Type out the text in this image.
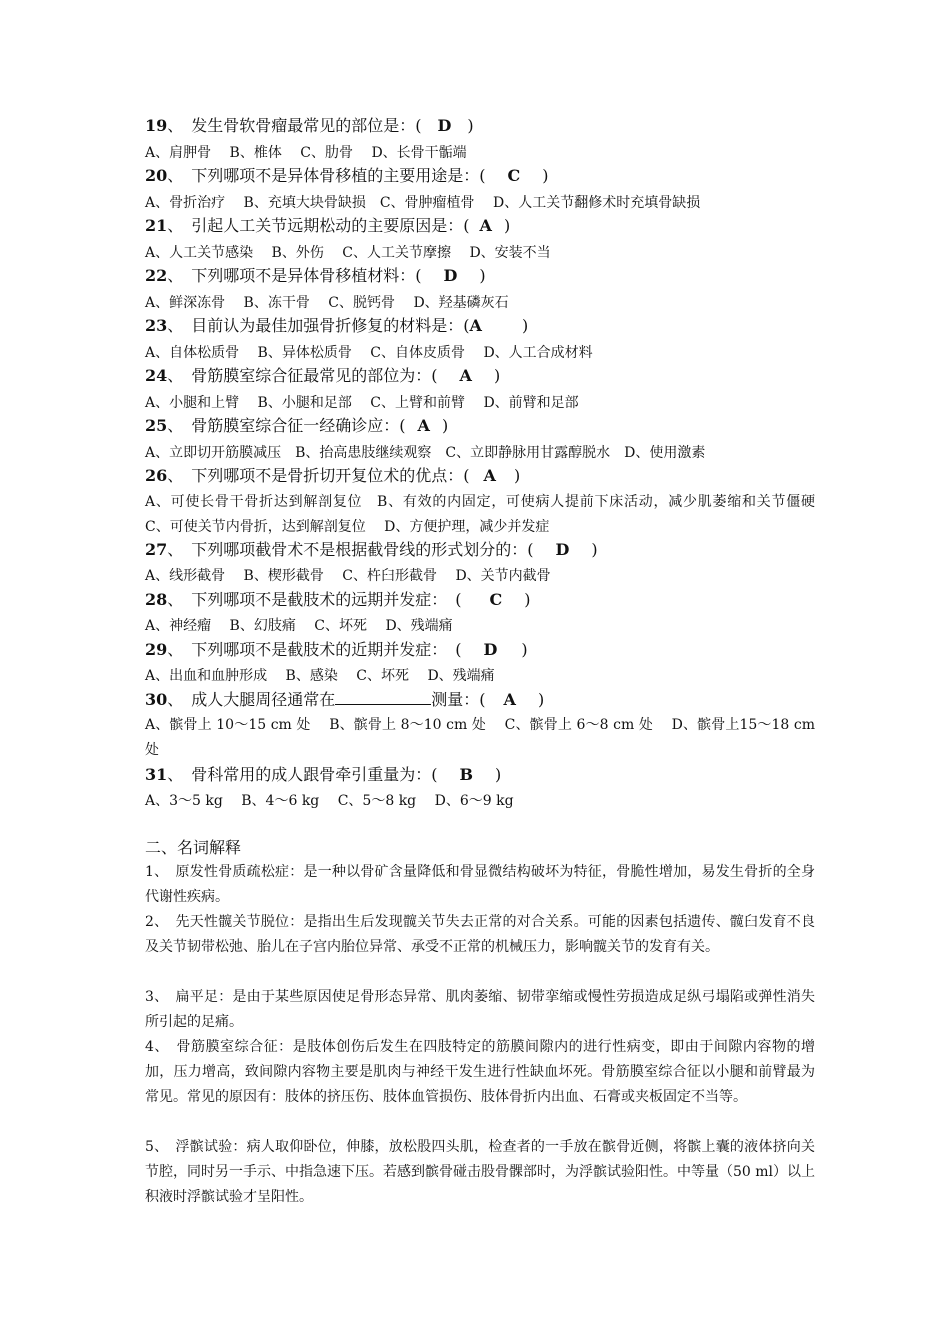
19、　发生骨软骨瘤最常见的部位是：( D )
A、肩胛骨　 B、椎体　 C、肋骨　 D、长骨干骺端
20、　下列哪项不是异体骨移植的主要用途是：( C )
A、骨折治疗　 B、充填大块骨缺损　C、骨肿瘤植骨　 D、人工关节翻修术时充填骨缺损
21、　引起人工关节远期松动的主要原因是：( A )
A、人工关节感染　 B、外伤　 C、人工关节摩擦　 D、安装不当
22、　下列哪项不是异体骨移植材料：( D )
A、鲜深冻骨　 B、冻干骨　 C、脱钙骨　 D、羟基磷灰石
23、　目前认为最佳加强骨折修复的材料是：(A	)
A、自体松质骨　 B、异体松质骨　 C、自体皮质骨　 D、人工合成材料
24、　骨筋膜室综合征最常见的部位为：( A )
A、小腿和上臂　 B、小腿和足部　 C、上臂和前臂　 D、前臂和足部
25、　骨筋膜室综合征一经确诊应：( A )
A、立即切开筋膜减压　B、抬高患肢继续观察　C、立即静脉用甘露醇脱水　D、使用激素
26、　下列哪项不是骨折切开复位术的优点：( A )
A、可使长骨干骨折达到解剖复位　B、有效的内固定，可使病人提前下床活动，减少肌萎缩和关节僵硬　C、可使关节内骨折，达到解剖复位　 D、方便护理，减少并发症
27、　下列哪项截骨术不是根据截骨线的形式划分的：( D )
A、线形截骨　 B、楔形截骨　 C、杵臼形截骨　 D、关节内截骨
28、　下列哪项不是截肢术的远期并发症：　( C )
A、神经瘤　 B、幻肢痛　 C、坏死　 D、残端痛
29、　下列哪项不是截肢术的近期并发症：　( D )
A、出血和血肿形成　 B、感染　 C、坏死　 D、残端痛
30、　成人大腿周径通常在	测量：( A )
A、髌骨上 10～15 cm 处　 B、髌骨上 8～10 cm 处　 C、髌骨上 6～8 cm 处　 D、髌骨上15～18 cm 处
31、　骨科常用的成人跟骨牵引重量为：( B )
A、3～5 kg　 B、4～6 kg　 C、5～8 kg　 D、6～9 kg
二、名词解释
1、　原发性骨质疏松症：是一种以骨矿含量降低和骨显微结构破坏为特征，骨脆性增加，易发生骨折的全身代谢性疾病。
2、　先天性髋关节脱位：是指出生后发现髋关节失去正常的对合关系。可能的因素包括遗传、髋臼发育不良及关节韧带松弛、胎儿在子宫内胎位异常、承受不正常的机械压力，影响髋关节的发育有关。
3、　扁平足：是由于某些原因使足骨形态异常、肌肉萎缩、韧带挛缩或慢性劳损造成足纵弓塌陷或弹性消失所引起的足痛。
4、　骨筋膜室综合征：是肢体创伤后发生在四肢特定的筋膜间隙内的进行性病变，即由于间隙内容物的增加，压力增高，致间隙内容物主要是肌肉与神经干发生进行性缺血坏死。骨筋膜室综合征以小腿和前臂最为常见。常见的原因有：肢体的挤压伤、肢体血管损伤、肢体骨折内出血、石膏或夹板固定不当等。
5、　浮髌试验：病人取仰卧位，伸膝，放松股四头肌，检查者的一手放在髌骨近侧，将髌上囊的液体挤向关节腔，同时另一手示、中指急速下压。若感到髌骨碰击股骨髁部时，为浮髌试验阳性。中等量（50 ml）以上积液时浮髌试验才呈阳性。
